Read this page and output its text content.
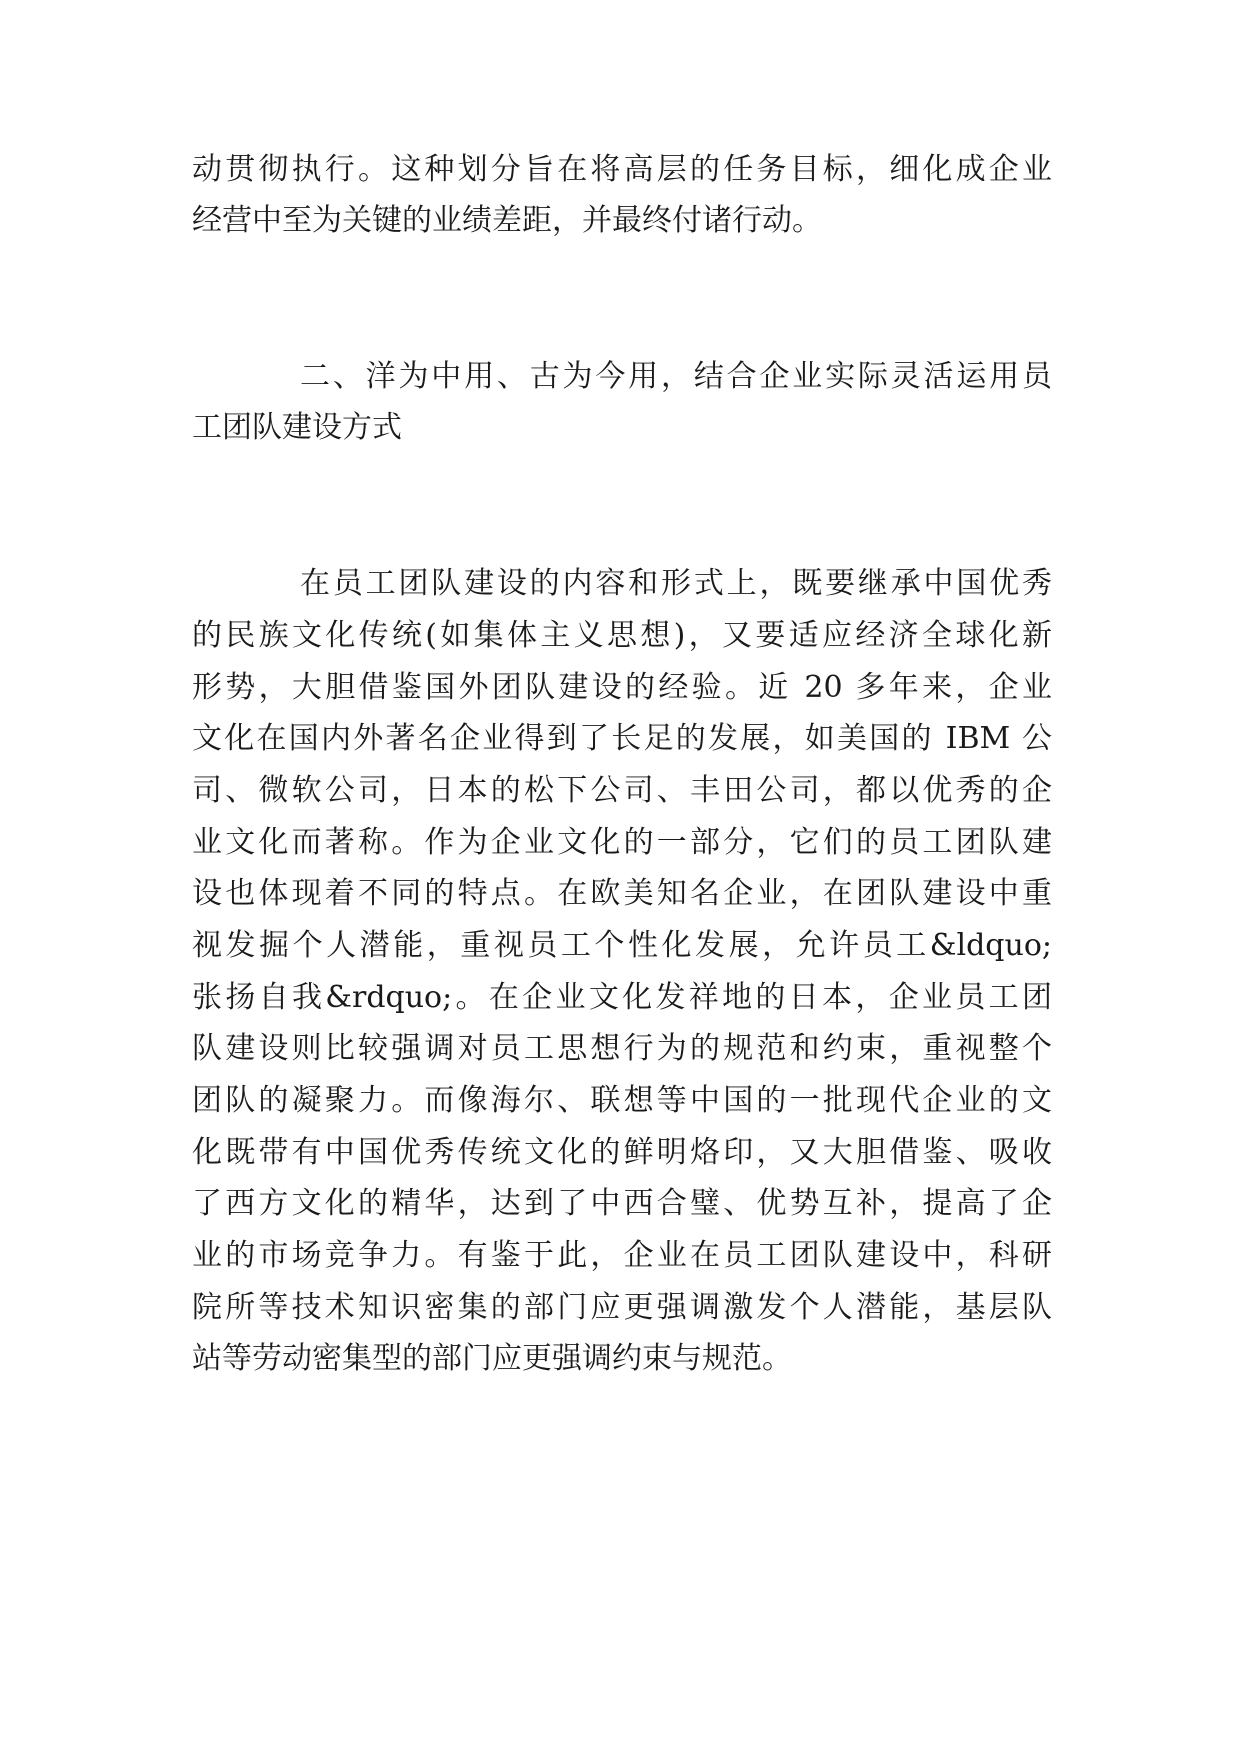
动贯彻执行。这种划分旨在将高层的任务目标，细化成企业
经营中至为关键的业绩差距，并最终付诸行动。
二、洋为中用、古为今用，结合企业实际灵活运用员
工团队建设方式
在员工团队建设的内容和形式上，既要继承中国优秀
的民族文化传统(如集体主义思想)，又要适应经济全球化新
形势，大胆借鉴国外团队建设的经验。近 20 多年来，企业
文化在国内外著名企业得到了长足的发展，如美国的 IBM 公
司、微软公司，日本的松下公司、丰田公司，都以优秀的企
业文化而著称。作为企业文化的一部分，它们的员工团队建
设也体现着不同的特点。在欧美知名企业，在团队建设中重
视发掘个人潜能，重视员工个性化发展，允许员工&ldquo;
张扬自我&rdquo;。在企业文化发祥地的日本，企业员工团
队建设则比较强调对员工思想行为的规范和约束，重视整个
团队的凝聚力。而像海尔、联想等中国的一批现代企业的文
化既带有中国优秀传统文化的鲜明烙印，又大胆借鉴、吸收
了西方文化的精华，达到了中西合璧、优势互补，提高了企
业的市场竞争力。有鉴于此，企业在员工团队建设中，科研
院所等技术知识密集的部门应更强调激发个人潜能，基层队
站等劳动密集型的部门应更强调约束与规范。
